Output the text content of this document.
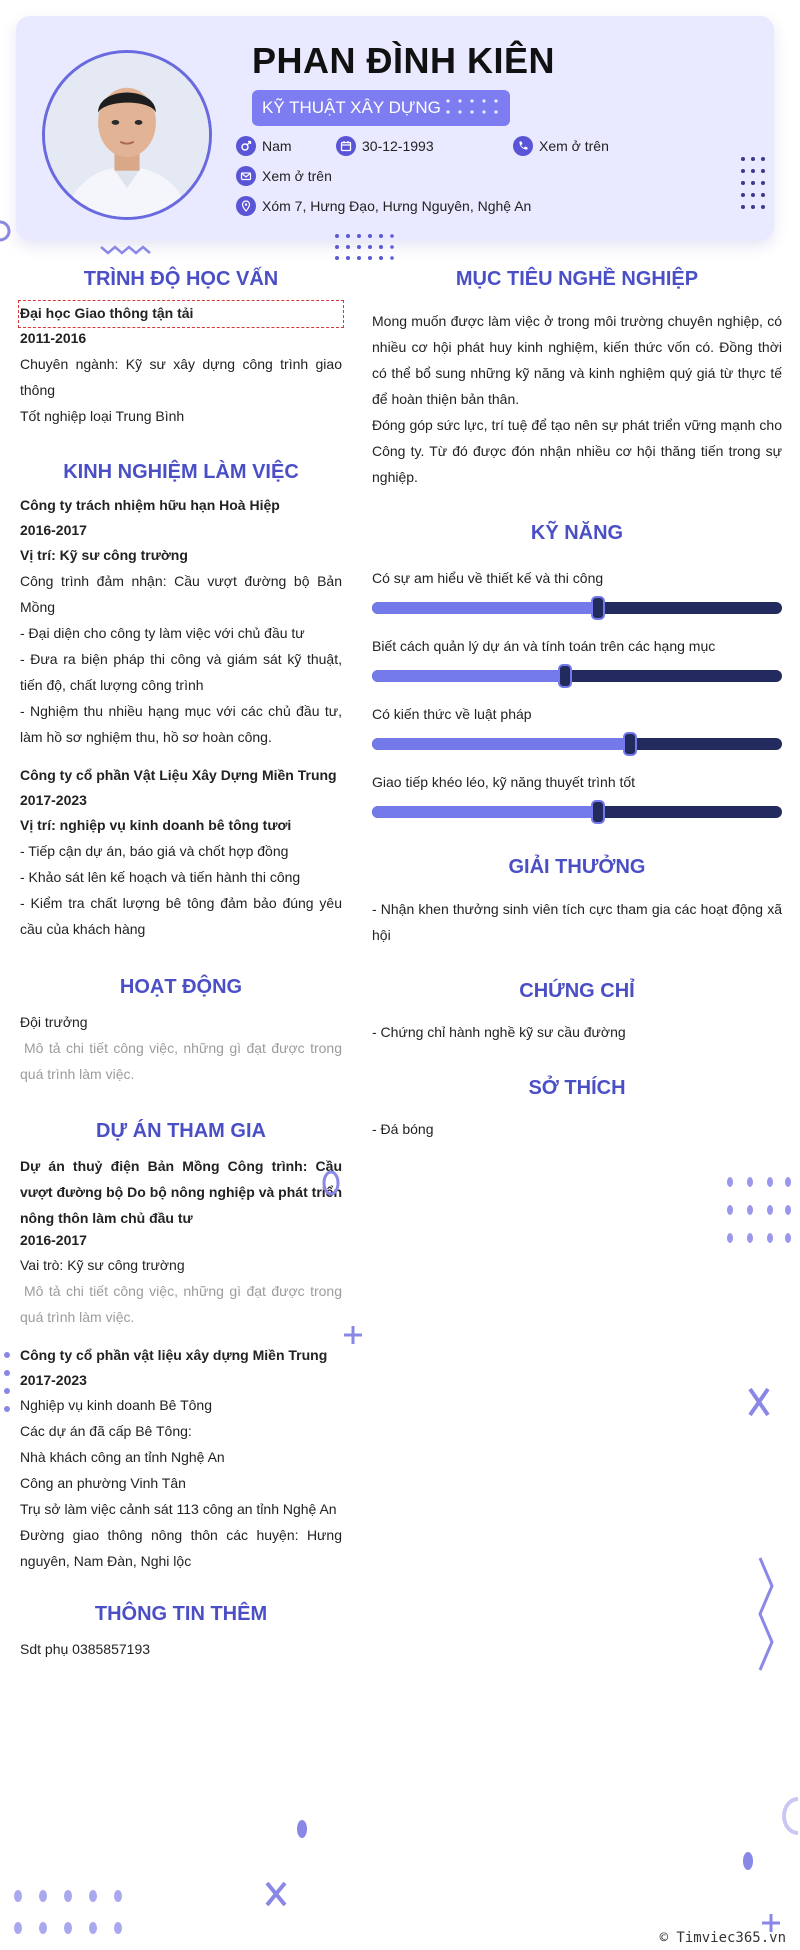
PHAN ĐÌNH KIÊN
KỸ THUẬT XÂY DỰNG
Nam	30-12-1993	Xem ở trên
Xem ở trên
Xóm 7, Hưng Đạo, Hưng Nguyên, Nghệ An
TRÌNH ĐỘ HỌC VẤN
Đại học Giao thông tận tải
2011-2016
Chuyên ngành: Kỹ sư xây dựng công trình giao thông
Tốt nghiệp loại Trung Bình
KINH NGHIỆM LÀM VIỆC
Công ty trách nhiệm hữu hạn Hoà Hiệp
2016-2017
Vị trí: Kỹ sư công trường
Công trình đảm nhận: Cầu vượt đường bộ Bản Mồng
- Đại diện cho công ty làm việc với chủ đầu tư
- Đưa ra biện pháp thi công và giám sát kỹ thuật, tiến độ, chất lượng công trình
- Nghiệm thu nhiều hạng mục với các chủ đầu tư, làm hồ sơ nghiệm thu, hồ sơ hoàn công.
Công ty cổ phần Vật Liệu Xây Dựng Miền Trung
2017-2023
Vị trí: nghiệp vụ kinh doanh bê tông tươi
- Tiếp cận dự án, báo giá và chốt hợp đồng
- Khảo sát lên kế hoạch và tiến hành thi công
- Kiểm tra chất lượng bê tông đảm bảo đúng yêu cầu của khách hàng
HOẠT ĐỘNG
Đội trưởng
Mô tả chi tiết công việc, những gì đạt được trong quá trình làm việc.
DỰ ÁN THAM GIA
Dự án thuỷ điện Bản Mồng Công trình: Cầu vượt đường bộ Do bộ nông nghiệp và phát triển nông thôn làm chủ đầu tư
2016-2017
Vai trò: Kỹ sư công trường
Mô tả chi tiết công việc, những gì đạt được trong quá trình làm việc.
Công ty cổ phần vật liệu xây dựng Miền Trung
2017-2023
Nghiệp vụ kinh doanh Bê Tông
Các dự án đã cấp Bê Tông:
Nhà khách công an tỉnh Nghệ An
Công an phường Vinh Tân
Trụ sở làm việc cảnh sát 113 công an tỉnh Nghệ An
Đường giao thông nông thôn các huyện: Hưng nguyên, Nam Đàn, Nghi lộc
THÔNG TIN THÊM
Sdt phụ 0385857193
MỤC TIÊU NGHỀ NGHIỆP
Mong muốn được làm việc ở trong môi trường chuyên nghiệp, có nhiều cơ hội phát huy kinh nghiệm, kiến thức vốn có. Đồng thời có thể bổ sung những kỹ năng và kinh nghiệm quý giá từ thực tế để hoàn thiện bản thân.
Đóng góp sức lực, trí tuệ để tạo nên sự phát triển vững mạnh cho Công ty. Từ đó được đón nhận nhiều cơ hội thăng tiến trong sự nghiệp.
KỸ NĂNG
Có sự am hiểu về thiết kế và thi công
Biết cách quản lý dự án và tính toán trên các hạng mục
Có kiến thức về luật pháp
Giao tiếp khéo léo, kỹ năng thuyết trình tốt
GIẢI THƯỞNG
- Nhận khen thưởng sinh viên tích cực tham gia các hoạt động xã hội
CHỨNG CHỈ
- Chứng chỉ hành nghề kỹ sư cầu đường
SỞ THÍCH
- Đá bóng
© Timviec365.vn
